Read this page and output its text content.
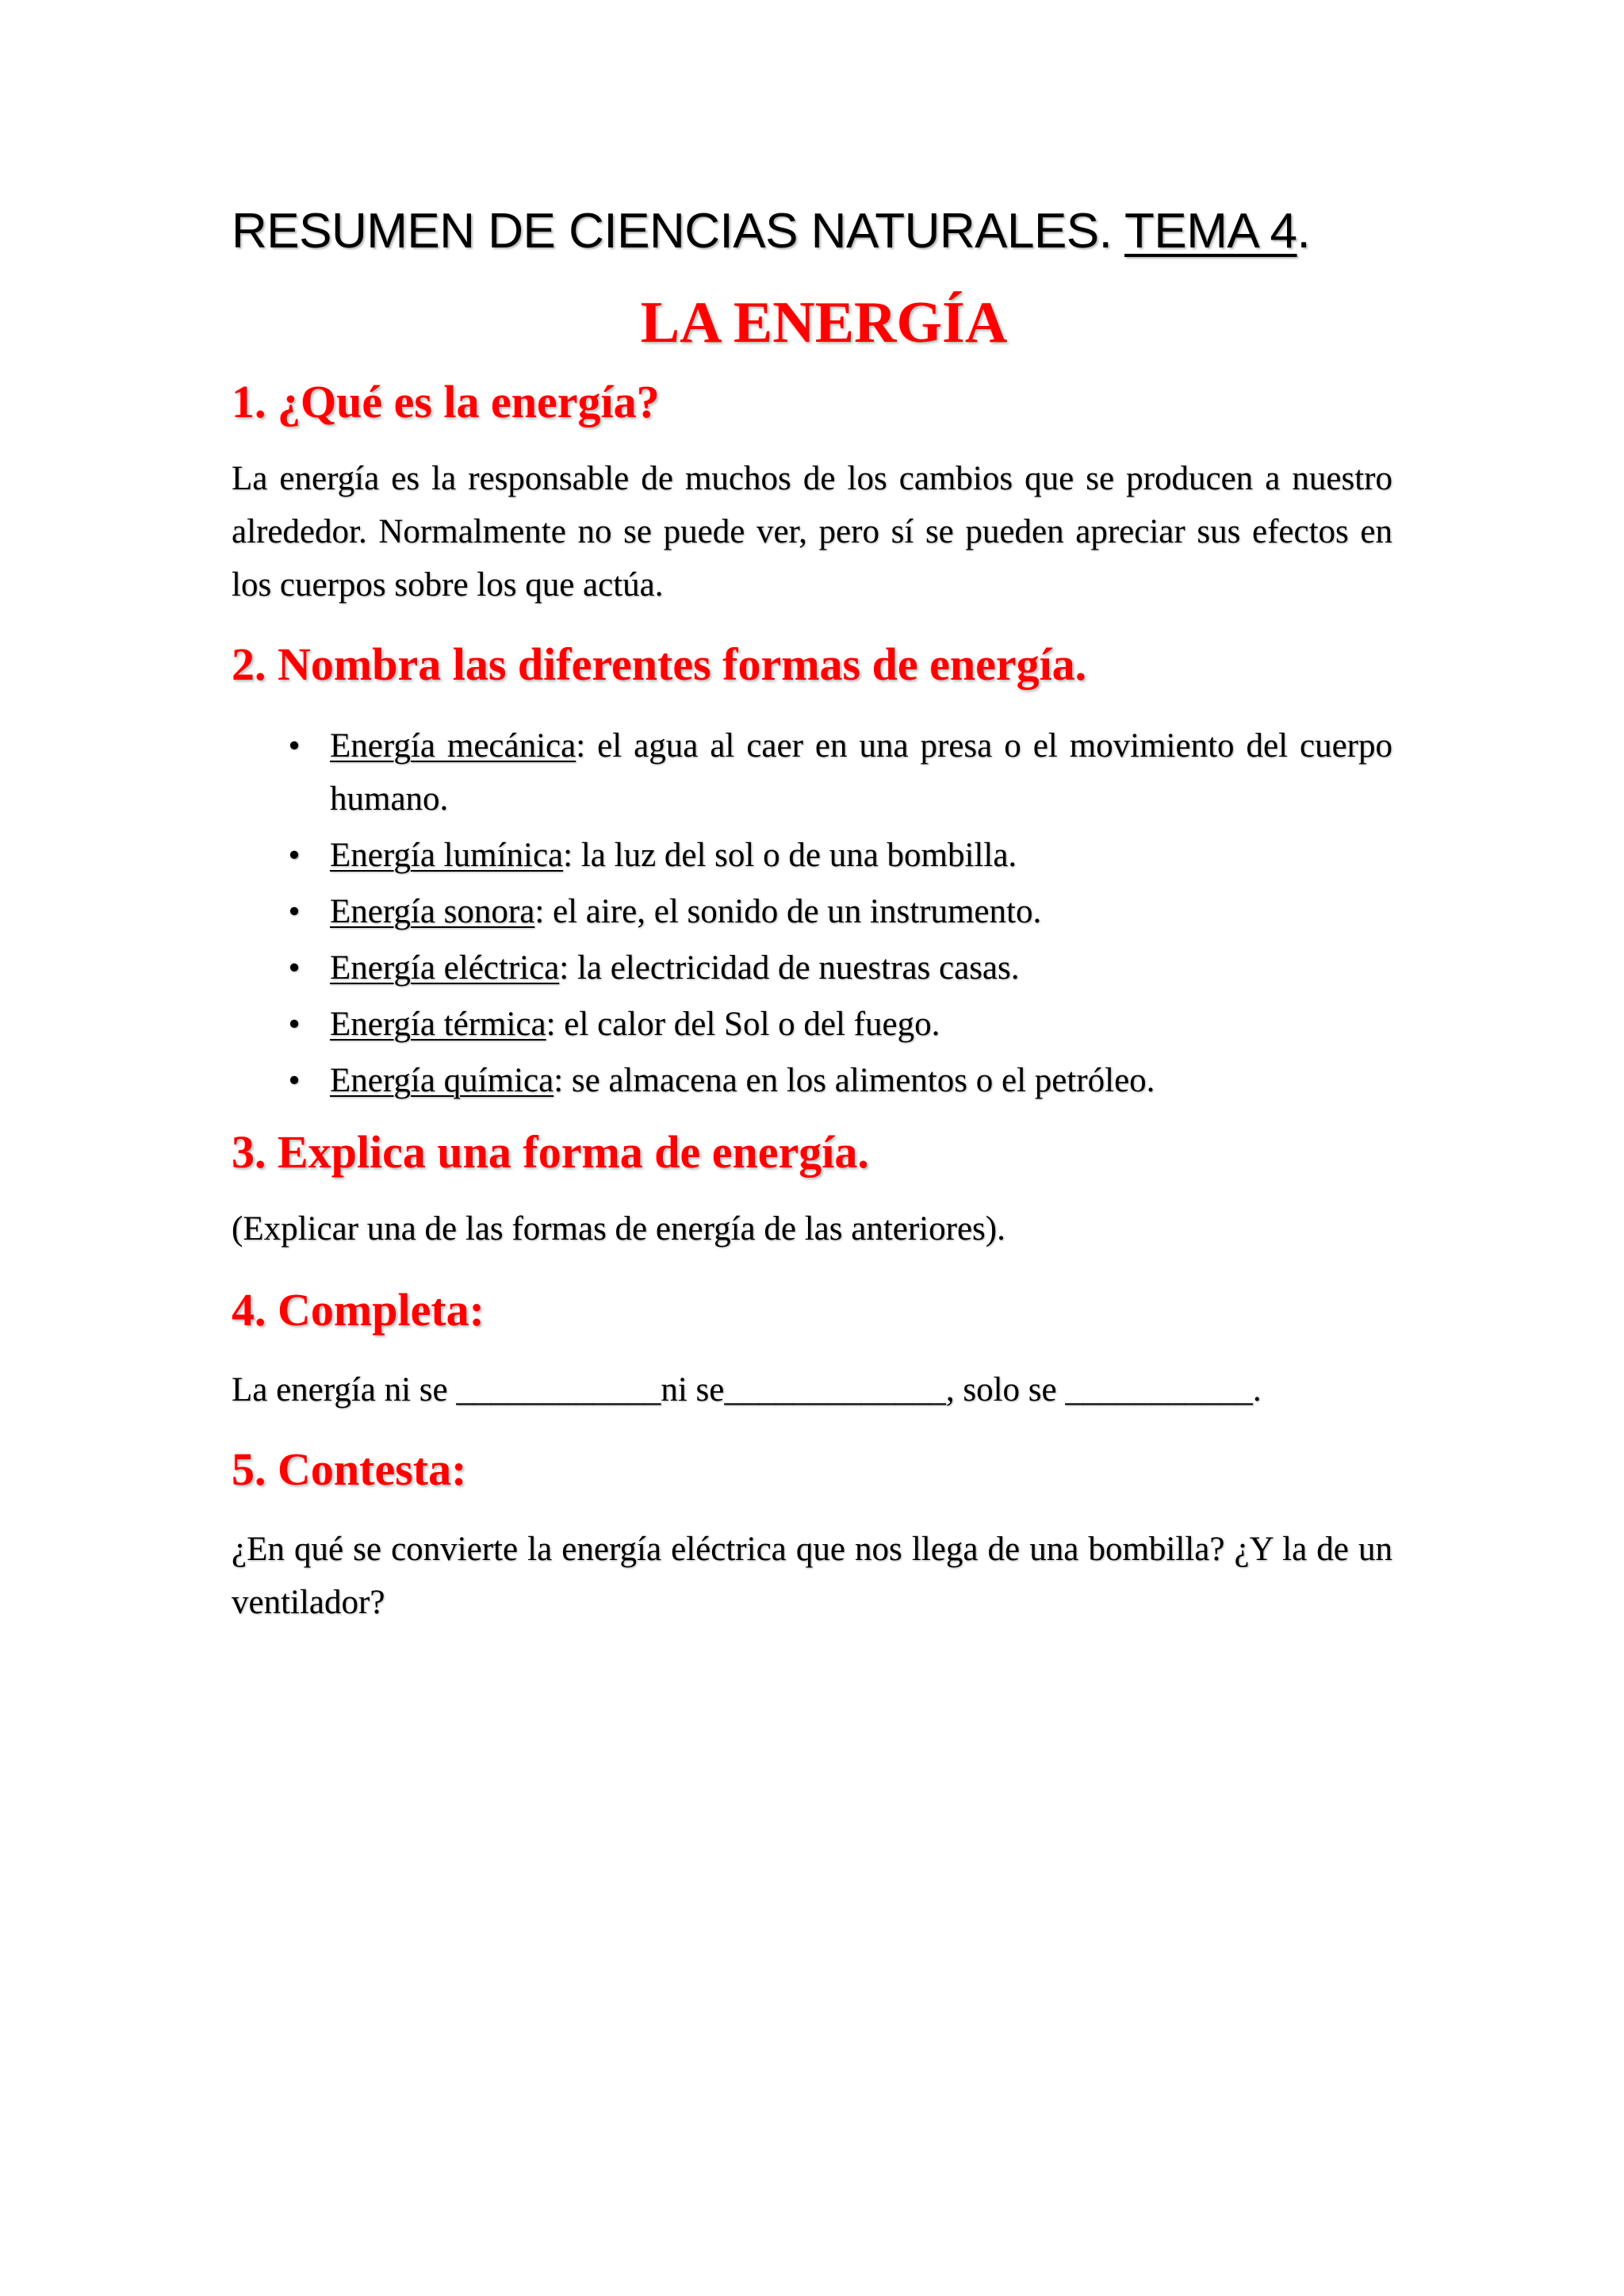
RESUMEN DE CIENCIAS NATURALES. TEMA 4.
LA ENERGÍA
1. ¿Qué es la energía?
La energía es la responsable de muchos de los cambios que se producen a nuestro alrededor. Normalmente no se puede ver, pero sí se pueden apreciar sus efectos en los cuerpos sobre los que actúa.
2. Nombra las diferentes formas de energía.
• Energía mecánica: el agua al caer en una presa o el movimiento del cuerpo humano.
• Energía lumínica: la luz del sol o de una bombilla.
• Energía sonora: el aire, el sonido de un instrumento.
• Energía eléctrica: la electricidad de nuestras casas.
• Energía térmica: el calor del Sol o del fuego.
• Energía química: se almacena en los alimentos o el petróleo.
3. Explica una forma de energía.
(Explicar una de las formas de energía de las anteriores).
4. Completa:
La energía ni se ____________ni se_____________, solo se ___________.
5. Contesta:
¿En qué se convierte la energía eléctrica que nos llega de una bombilla? ¿Y la de un ventilador?
